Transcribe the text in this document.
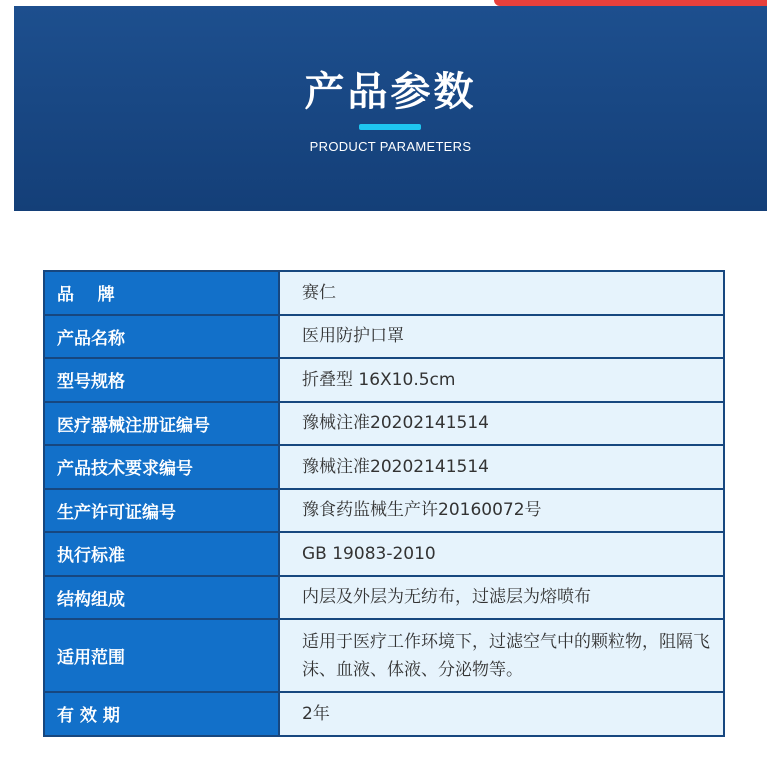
产品参数
PRODUCT PARAMETERS
品    牌	赛仁
产品名称	医用防护口罩
型号规格	折叠型 16X10.5cm
医疗器械注册证编号	豫械注准20202141514
产品技术要求编号	豫械注准20202141514
生产许可证编号	豫食药监械生产许20160072号
执行标准	GB 19083-2010
结构组成	内层及外层为无纺布，过滤层为熔喷布
适用范围	适用于医疗工作环境下，过滤空气中的颗粒物，阻隔飞沫、血液、体液、分泌物等。
有 效 期	2年
